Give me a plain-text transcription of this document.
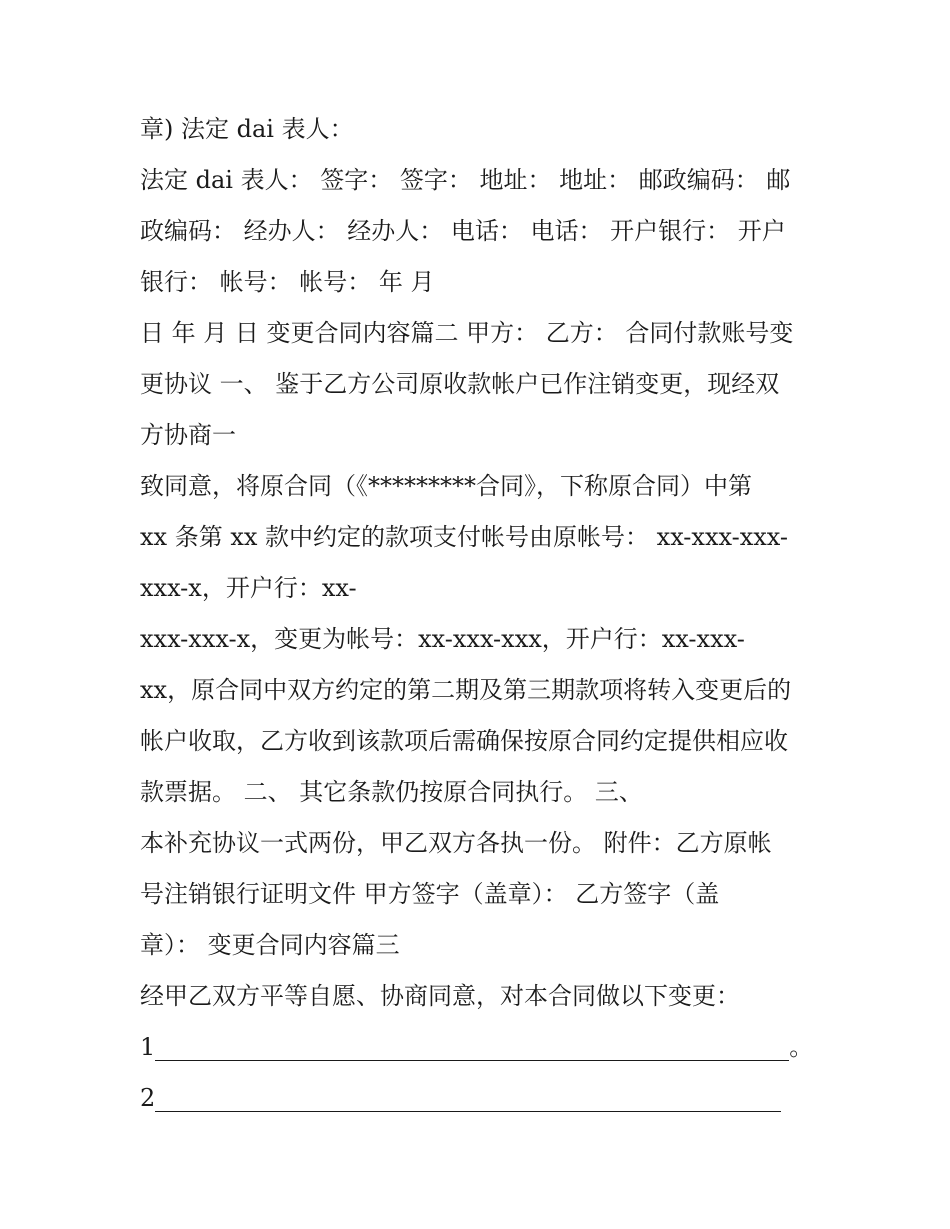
章) 法定 dai 表人：
法定 dai 表人： 签字： 签字： 地址： 地址： 邮政编码： 邮
政编码： 经办人： 经办人： 电话： 电话： 开户银行： 开户
银行： 帐号： 帐号： 年 月
日 年 月 日 变更合同内容篇二 甲方： 乙方： 合同付款账号变
更协议 一、 鉴于乙方公司原收款帐户已作注销变更，现经双
方协商一
致同意，将原合同（《*********合同》，下称原合同）中第
xx 条第 xx 款中约定的款项支付帐号由原帐号： xx-xxx-xxx-
xxx-x，开户行：xx-
xxx-xxx-x，变更为帐号：xx-xxx-xxx，开户行：xx-xxx-
xx，原合同中双方约定的第二期及第三期款项将转入变更后的
帐户收取，乙方收到该款项后需确保按原合同约定提供相应收
款票据。 二、 其它条款仍按原合同执行。 三、
本补充协议一式两份，甲乙双方各执一份。 附件：乙方原帐
号注销银行证明文件 甲方签字（盖章）： 乙方签字（盖
章）： 变更合同内容篇三
经甲乙双方平等自愿、协商同意，对本合同做以下变更：
1	。
2
